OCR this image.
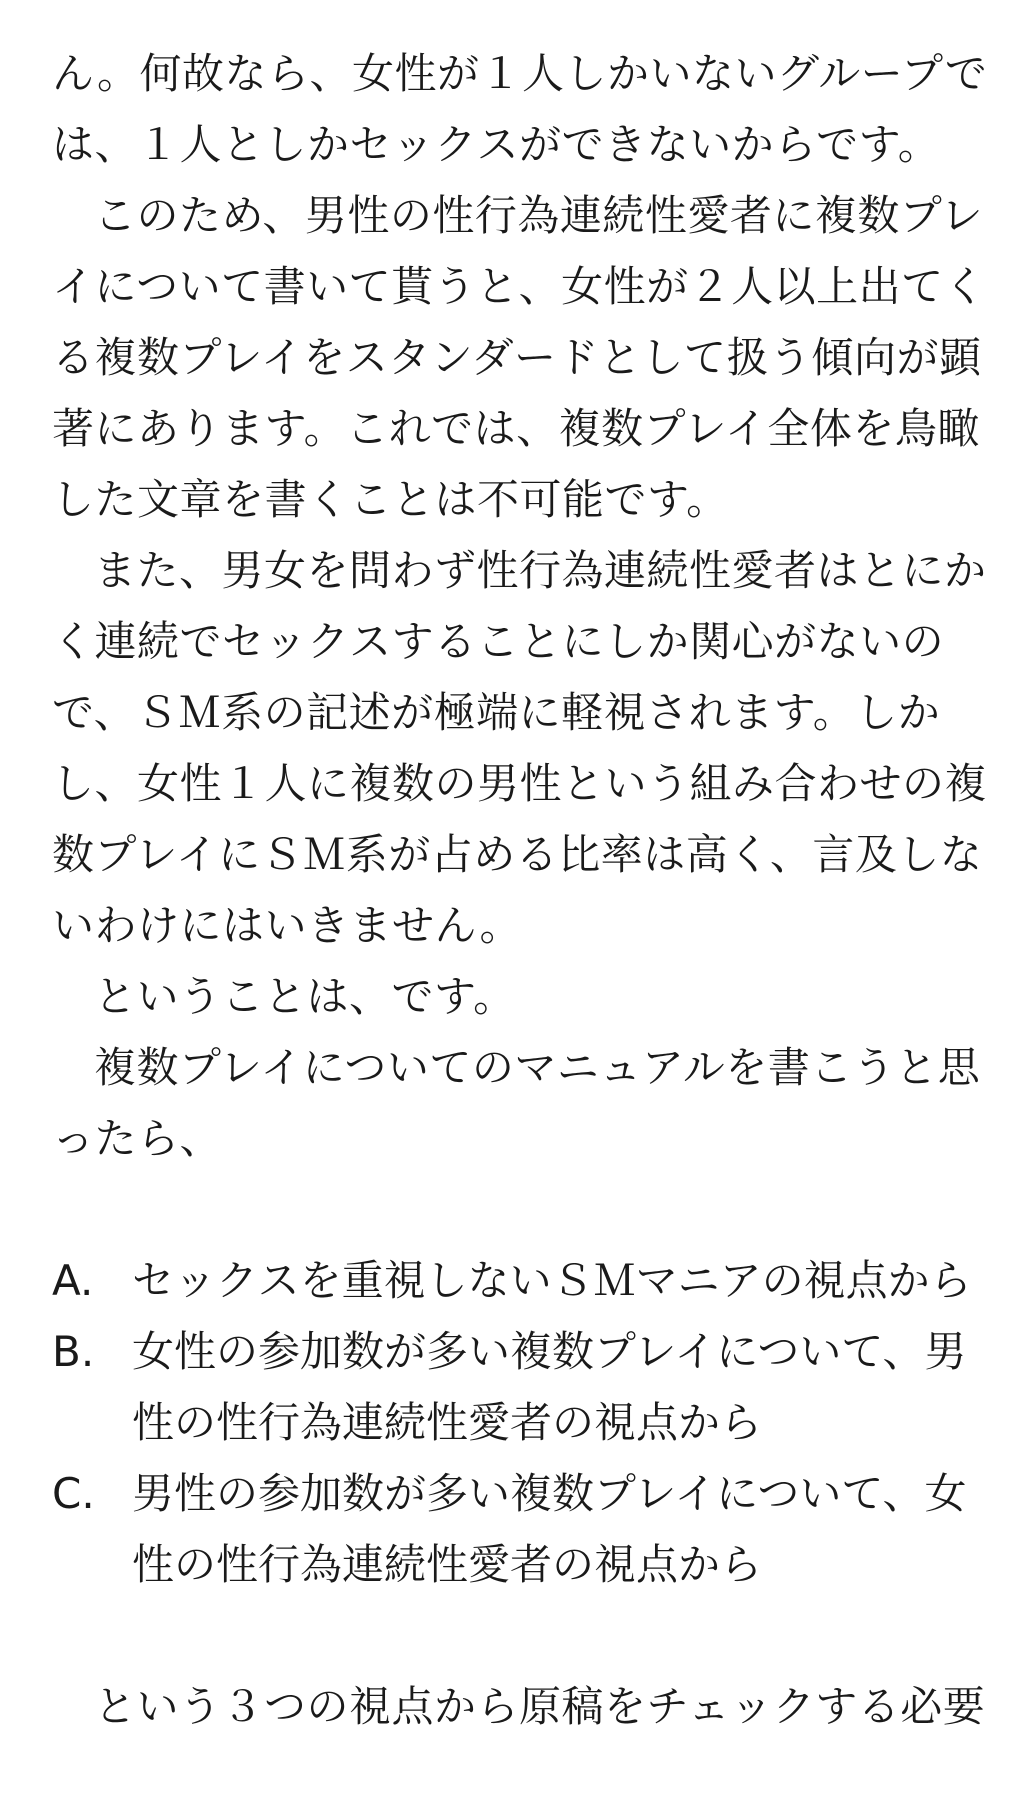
ん。何故なら、女性が１人しかいないグループで
は、１人としかセックスができないからです。
このため、男性の性行為連続性愛者に複数プレ
イについて書いて貰うと、女性が２人以上出てく
る複数プレイをスタンダードとして扱う傾向が顕
著にあります。これでは、複数プレイ全体を鳥瞰
した文章を書くことは不可能です。
また、男女を問わず性行為連続性愛者はとにか
く連続でセックスすることにしか関心がないの
で、ＳＭ系の記述が極端に軽視されます。しか
し、女性１人に複数の男性という組み合わせの複
数プレイにＳＭ系が占める比率は高く、言及しな
いわけにはいきません。
ということは、です。
複数プレイについてのマニュアルを書こうと思
ったら、
A. セックスを重視しないＳＭマニアの視点から
B. 女性の参加数が多い複数プレイについて、男
性の性行為連続性愛者の視点から
C. 男性の参加数が多い複数プレイについて、女
性の性行為連続性愛者の視点から
という３つの視点から原稿をチェックする必要
